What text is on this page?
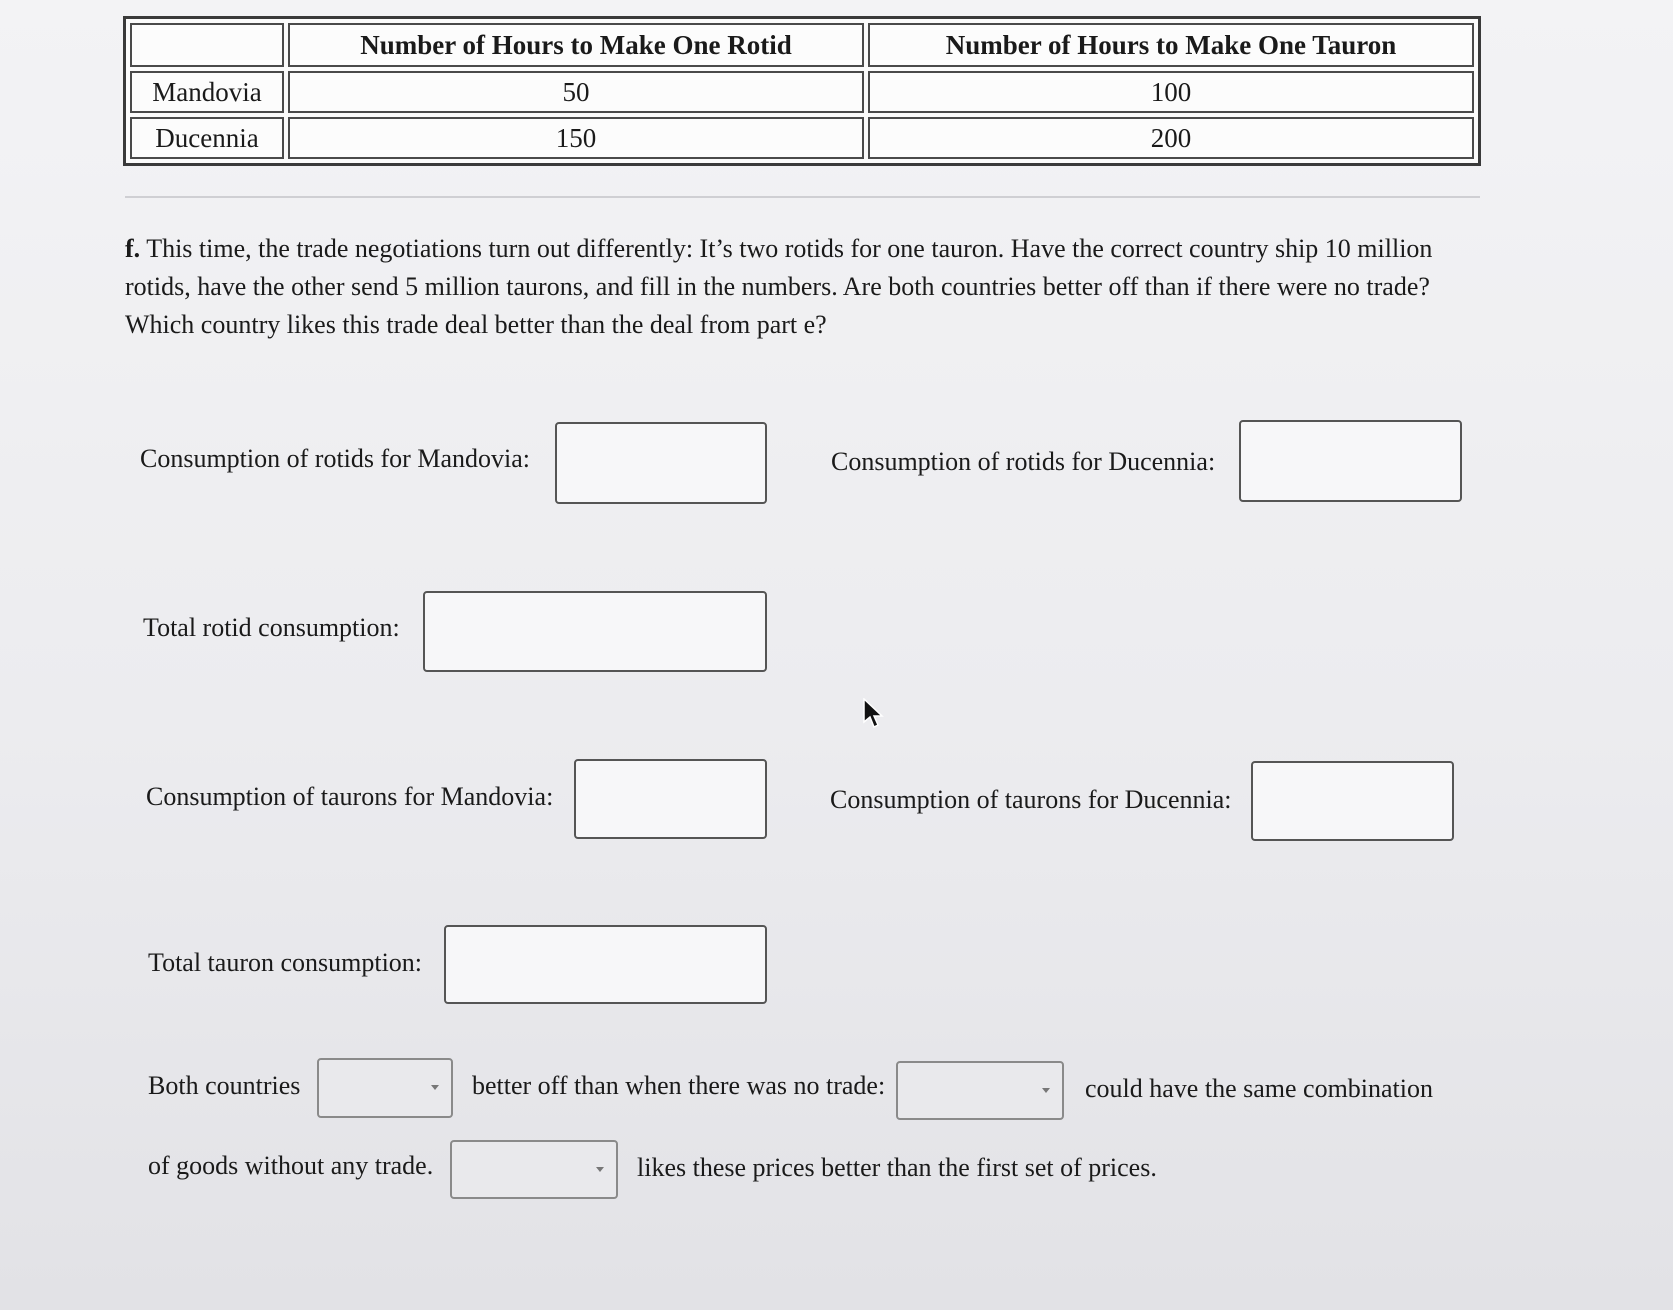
	Number of Hours to Make One Rotid	Number of Hours to Make One Tauron
Mandovia	50	100
Ducennia	150	200

f. This time, the trade negotiations turn out differently: It’s two rotids for one tauron. Have the correct country ship 10 million rotids, have the other send 5 million taurons, and fill in the numbers. Are both countries better off than if there were no trade? Which country likes this trade deal better than the deal from part e?

Consumption of rotids for Mandovia:	Consumption of rotids for Ducennia:
Total rotid consumption:
Consumption of taurons for Mandovia:	Consumption of taurons for Ducennia:
Total tauron consumption:
Both countries	better off than when there was no trade:	could have the same combination
of goods without any trade.	likes these prices better than the first set of prices.
